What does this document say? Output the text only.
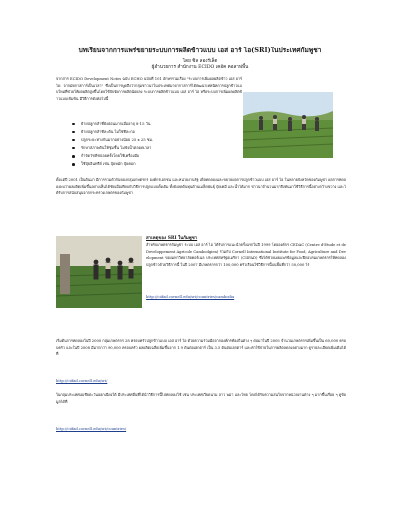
บทเรียนจากการแพร่ขยายระบบการผลิตข้าวแบบ เอส อาร์ ไอ(SRI)ในประเทศกัมพูชา
โดย ซิล ลองร์เล็ต
ผู้อำนวยการ สำนักงาน ECIDO เคอัค คอลาฟพื้น
จากสาร ECIDO Development Notes ฉบับ ECHO ฉบับที่ 101 อักษรรวมเรื่อง "ระบบการเพิ่มผลผลิตข้าว เอส อาร์ ไอ: จากมัดกาสการ์เป็นเวลา" ซึ่งเป็นการพูดถึงว่ากลุ่มชาวนาในประเทศมาดากาสการ์ได้พัฒนาเทคนิคการปลูกข้าวแบบใหม่ที่ช่วยให้ผลผลิตสูงขึ้นโดยใช้ปัจจัยการผลิตน้อยลง ระบบการผลิตข้าวแบบ เอส อาร์ ไอ หรือระบบการเพิ่มผลผลิตข้าวแบบเข้มข้น มีวิธีการดังต่อไปนี้
ย้ายปลูกกล้าที่ยังอ่อนมากเมื่ออายุ 8-15 วัน
ย้ายปลูกกล้าทีละต้น ไม่ใช่ทีละกอ
ปลูกระยะห่างกันมากอย่างน้อย 25 x 25 ซม.
รักษาสภาพดินให้ชุ่มชื้น ไม่ขังน้ำตลอดเวลา
กำจัดวัชพืชบ่อยครั้งโดยใช้เครื่องมือ
ใช้ปุ๋ยอินทรีย์ เช่น ปุ๋ยหมัก ปุ๋ยคอก
ตั้งแต่ปี 2001 เป็นต้นมา มีการรวมตัวกันของกลุ่มเกษตรกร องค์กรเอกชน และหน่วยงานรัฐ เพื่อทดลองและขยายผลการปลูกข้าวแบบ เอส อาร์ ไอ ในหลายจังหวัดของกัมพูชา ผลการทดลองพบว่าผลผลิตเพิ่มขึ้นอย่างเห็นได้ชัดเมื่อเทียบกับวิธีการปลูกแบบดั้งเดิม ทั้งยังลดต้นทุนด้านเมล็ดพันธุ์ ปุ๋ยเคมี และน้ำได้มาก ชาวนาจำนวนมากจึงหันมาใช้วิธีการนี้อย่างกว้างขวาง และได้รับการสนับสนุนจากกระทรวงเกษตรของกัมพูชา
สาเหตุของ SRI ในกัมพูชา
สำหรับเกษตรกรกัมพูชา ระบบ เอส อาร์ ไอ ได้รับการแนะนำครั้งแรกในปี 1999 โดยองค์กร CEDAC (Centre d'Etude et de Developpement Agricole Cambodgien) ร่วมกับ Cornell International Institute for Food, Agriculture and Development ของมหาวิทยาลัยคอร์เนล ประเทศสหรัฐอเมริกา (CIIFAD) ซึ่งได้ช่วยเผยแพร่ข้อมูลและฝึกอบรมเกษตรกรให้ทดลองปลูกข้าวด้วยวิธีการนี้ ในปี 2007 มีเกษตรกรกว่า 100,000 ครัวเรือนใช้วิธีการนี้บนพื้นที่กว่า 50,000 ไร่
http://ciifad.cornell.edu/sri/countries/cambodia
เริ่มต้นการทดลองในปี 2000 กลุ่มเกษตรกร 28 ครอบครัวปลูกข้าวแบบ เอส อาร์ ไอ ด้วยความร่วมมือจากองค์กรท้องถิ่นต่าง ๆ ต่อมาในปี 2005 จำนวนเกษตรกรเพิ่มขึ้นเป็น 60,000 ครอบครัว และในปี 2008 มีมากกว่า 90,000 ครอบครัว ผลผลิตเฉลี่ยเพิ่มขึ้นจาก 1.9 ตันต่อเฮกตาร์ เป็น 3.5 ตันต่อเฮกตาร์ และค่าใช้จ่ายในการผลิตลดลงอย่างมาก ดูรายละเอียดเพิ่มเติมได้ที่
http://ciifad.cornell.edu/sri/
ในกลุ่มประเทศเอเชียตะวันออกเฉียงใต้ มีประเทศอื่นที่ได้นำวิธีการนี้ไปทดลองใช้ เช่น ประเทศเวียดนาม ลาว พม่า และไทย โดยได้รับความสนใจจากหน่วยงานต่าง ๆ มากขึ้นเรื่อย ๆ ดูข้อมูลได้ที่
http://ciifad.cornell.edu/sri/countries/
